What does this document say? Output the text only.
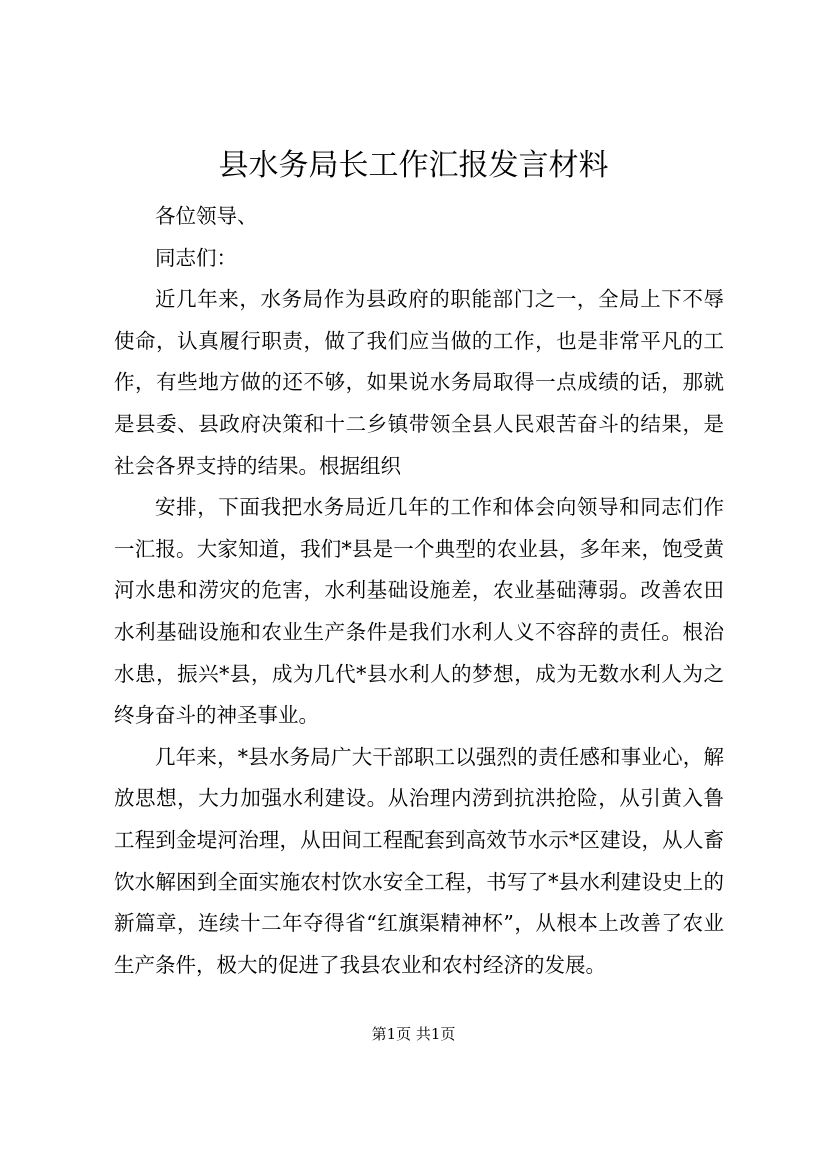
县水务局长工作汇报发言材料

各位领导、

同志们：

近几年来，水务局作为县政府的职能部门之一，全局上下不辱使命，认真履行职责，做了我们应当做的工作，也是非常平凡的工作，有些地方做的还不够，如果说水务局取得一点成绩的话，那就是县委、县政府决策和十二乡镇带领全县人民艰苦奋斗的结果，是社会各界支持的结果。根据组织

安排，下面我把水务局近几年的工作和体会向领导和同志们作一汇报。大家知道，我们*县是一个典型的农业县，多年来，饱受黄河水患和涝灾的危害，水利基础设施差，农业基础薄弱。改善农田水利基础设施和农业生产条件是我们水利人义不容辞的责任。根治水患，振兴*县，成为几代*县水利人的梦想，成为无数水利人为之终身奋斗的神圣事业。

几年来，*县水务局广大干部职工以强烈的责任感和事业心，解放思想，大力加强水利建设。从治理内涝到抗洪抢险，从引黄入鲁工程到金堤河治理，从田间工程配套到高效节水示*区建设，从人畜饮水解困到全面实施农村饮水安全工程，书写了*县水利建设史上的新篇章，连续十二年夺得省“红旗渠精神杯”，从根本上改善了农业生产条件，极大的促进了我县农业和农村经济的发展。

第1页 共1页
